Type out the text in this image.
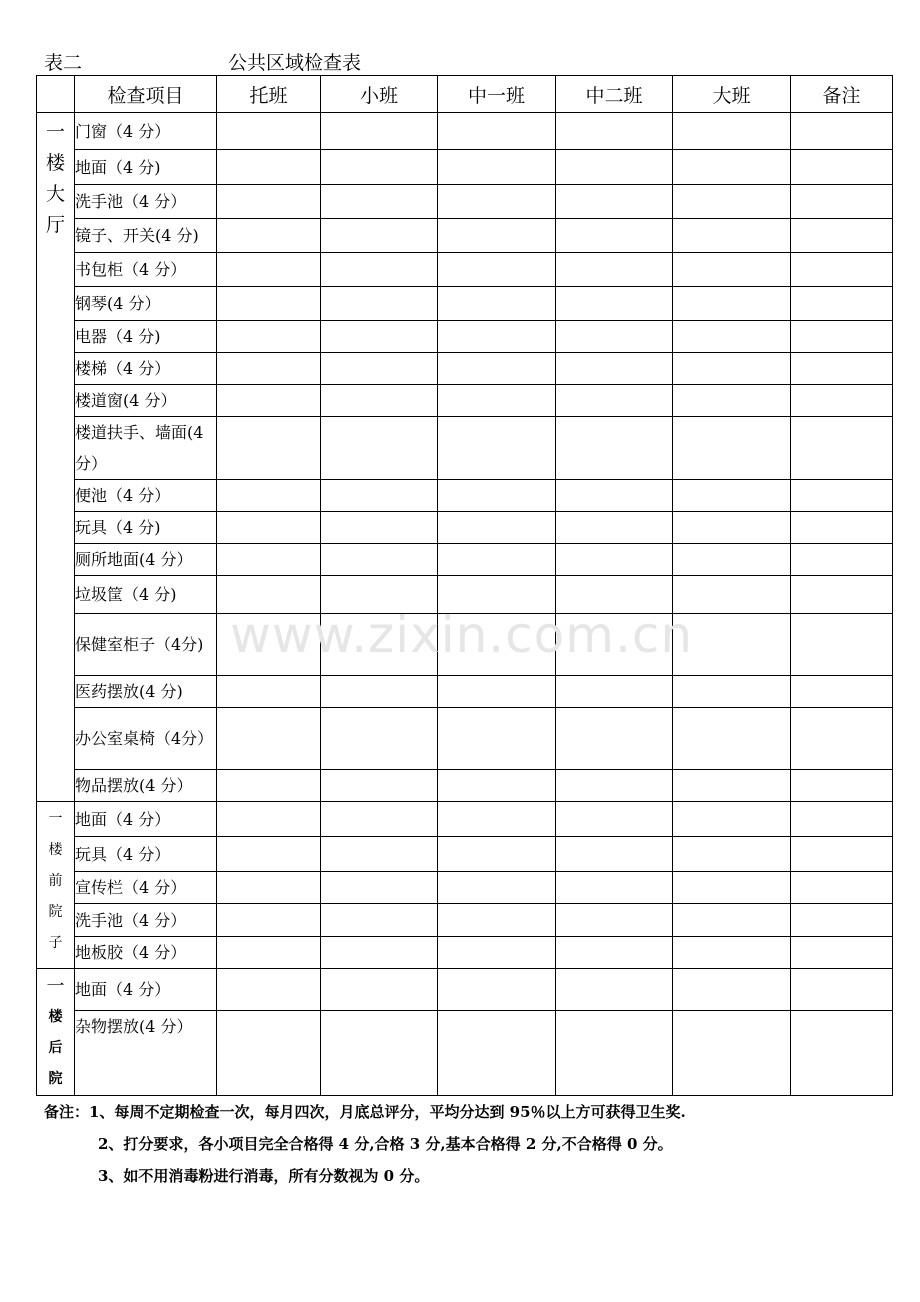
表二	公共区域检查表
	检查项目	托班	小班	中一班	中二班	大班	备注

一
楼
大
厅	门窗（4 分）						
	地面（4 分)						
	洗手池（4 分）						
	镜子、开关(4 分)						
	书包柜（4 分）						
	钢琴(4 分）						
	电器（4 分)						
	楼梯（4 分）						
	楼道窗(4 分）						
	楼道扶手、墙面(4 分）						
	便池（4 分）						
	玩具（4 分)						
	厕所地面(4 分）						
	垃圾筐（4 分)						
	保健室柜子（4分)						
	医药摆放(4 分)						
	办公室桌椅（4分）						
	物品摆放(4 分）						

一
楼
前
院
子	地面（4 分）						
	玩具（4 分）						
	宣传栏（4 分）						
	洗手池（4 分）						
	地板胶（4 分）						

一
楼
后
院	地面（4 分）						
	杂物摆放(4 分）						
www.zixin.com.cn
备注：1、每周不定期检查一次，每月四次，月底总评分，平均分达到 95％以上方可获得卫生奖.
2、打分要求，各小项目完全合格得 4 分,合格 3 分,基本合格得 2 分,不合格得 0 分。
3、如不用消毒粉进行消毒，所有分数视为 0 分。
